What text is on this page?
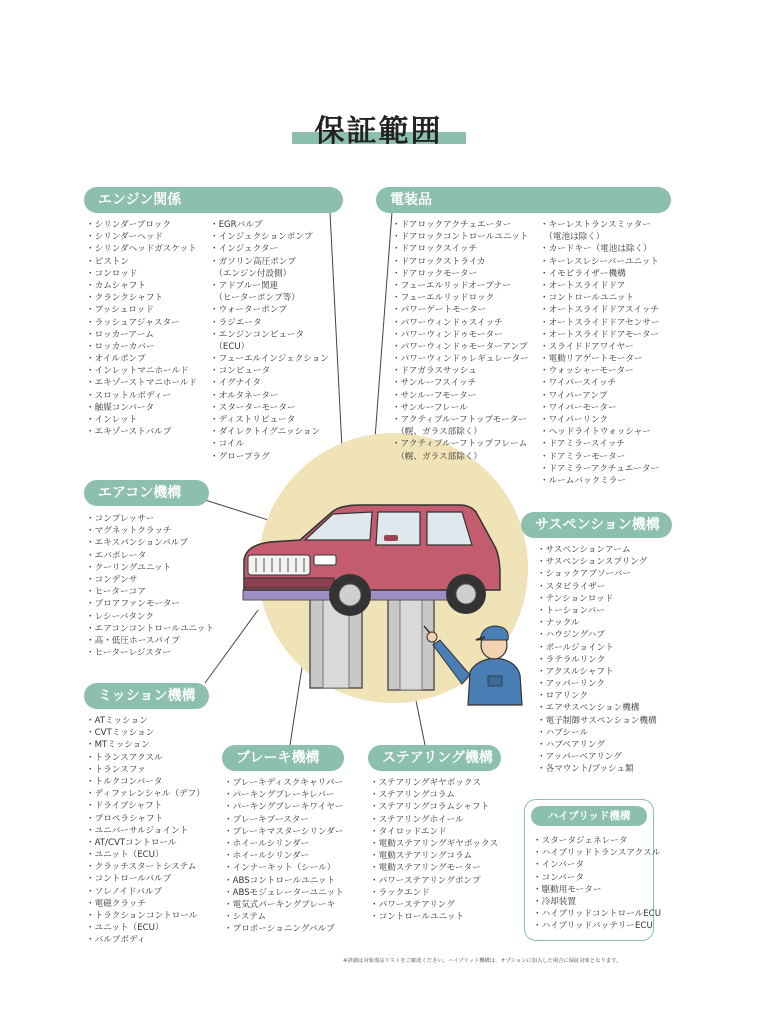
保証範囲
エンジン関係
・シリンダーブロック
・シリンダーヘッド
・シリンダヘッドガスケット
・ピストン
・コンロッド
・カムシャフト
・クランクシャフト
・プッシュロッド
・ラッシュアジャスター
・ロッカーアーム
・ロッカーカバー
・オイルポンプ
・インレットマニホールド
・エキゾーストマニホールド
・スロットルボディー
・触媒コンバータ
・インレット
・エキゾーストバルブ
・EGRバルブ
・インジェクションポンプ
・インジェクター
・ガソリン高圧ポンプ
　（エンジン付設側）
・アドブルー関連
　（ヒーターポンプ等）
・ウォーターポンプ
・ラジエータ
・エンジンコンピュータ
　（ECU）
・フューエルインジェクション
・コンピュータ
・イグナイタ
・オルタネーター
・スターターモーター
・ディストリビュータ
・ダイレクトイグニッション
・コイル
・グロープラグ
電装品
・ドアロックアクチュエーター
・ドアロックコントロールユニット
・ドアロックスイッチ
・ドアロックストライカ
・ドアロックモーター
・フューエルリッドオープナー
・フューエルリッドロック
・パワーゲートモーター
・パワーウィンドゥスイッチ
・パワーウィンドゥモーター
・パワーウィンドゥモーターアンプ
・パワーウィンドゥレギュレーター
・ドアガラスサッシュ
・サンルーフスイッチ
・サンルーフモーター
・サンルーフレール
・アクティブルーフトップモーター
　（幌、ガラス部除く）
・アクティブルーフトップフレーム
　（幌、ガラス部除く）
・キーレストランスミッター
　（電池は除く）
・カードキー（電池は除く）
・キーレスレシーバーユニット
・イモビライザー機構
・オートスライドドア
・コントロールユニット
・オートスライドドアスイッチ
・オートスライドドアセンサー
・オートスライドドアモーター
・スライドドアワイヤー
・電動リアゲートモーター
・ウォッシャーモーター
・ワイパースイッチ
・ワイパーアンプ
・ワイパーモーター
・ワイパーリンク
・ヘッドライトウォッシャー
・ドアミラースイッチ
・ドアミラーモーター
・ドアミラーアクチュエーター
・ルームバックミラー
エアコン機構
・コンプレッサー
・マグネットクラッチ
・エキスパンションバルブ
・エバポレータ
・クーリングユニット
・コンデンサ
・ヒーターコア
・ブロアファンモーター
・レシーバタンク
・エアコンコントロールユニット
・高・低圧ホースパイプ
・ヒーターレジスター
サスペンション機構
・サスペンションアーム
・サスペンションスプリング
・ショックアブソーバー
・スタビライザー
・テンションロッド
・トーションバー
・ナックル
・ハウジングハブ
・ボールジョイント
・ラテラルリンク
・アクスルシャフト
・アッパーリンク
・ロアリンク
・エアサスペンション機構
・電子制御サスペンション機構
・ハブシール
・ハブベアリング
・アッパーベアリング
・各マウント/ブッシュ類
ミッション機構
・ATミッション
・CVTミッション
・MTミッション
・トランスアクスル
・トランスファ
・トルクコンバータ
・ディファレンシャル（デフ）
・ドライブシャフト
・プロペラシャフト
・ユニバーサルジョイント
・AT/CVTコントロール
・ユニット（ECU）
・クラッチスタートシステム
・コントロールバルブ
・ソレノイドバルブ
・電磁クラッチ
・トラクションコントロール
・ユニット（ECU）
・バルブボディ
ブレーキ機構
・ブレーキディスクキャリパー
・パーキングブレーキレバー
・パーキングブレーキワイヤー
・ブレーキブースター
・ブレーキマスターシリンダー
・ホイールシリンダー
・ホイールシリンダー
・インナーキット（シール）
・ABSコントロールユニット
・ABSモジュレーターユニット
・電気式パーキングブレーキ
・システム
・プロポーショニングバルブ
ステアリング機構
・ステアリングギヤボックス
・ステアリングコラム
・ステアリングコラムシャフト
・ステアリングホイール
・タイロッドエンド
・電動ステアリングギヤボックス
・電動ステアリングコラム
・電動ステアリングモーター
・パワーステアリングポンプ
・ラックエンド
・パワーステアリング
・コントロールユニット
ハイブリッド機構
・スタータジェネレータ
・ハイブリッドトランスアクスル
・インバータ
・コンバータ
・駆動用モーター
・冷却装置
・ハイブリッドコントロールECU
・ハイブリッドバッテリーECU
※詳細は対象部品リストをご確認ください。ハイブリッド機構は、オプションに加入した場合に保証対象となります。
